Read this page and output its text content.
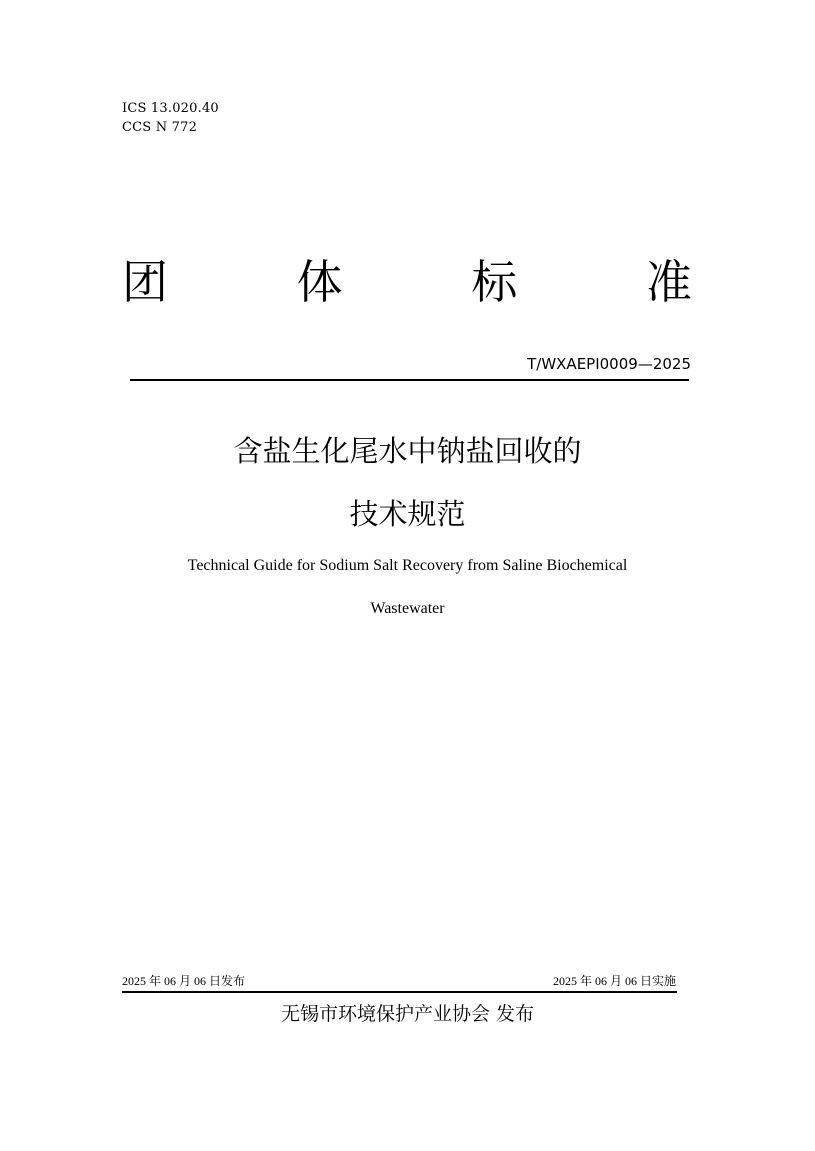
ICS 13.020.40
CCS N 772
团	体	标	准
T/WXAEPI0009—2025
含盐生化尾水中钠盐回收的
技术规范
Technical Guide for Sodium Salt Recovery from Saline Biochemical
Wastewater
2025 年 06 月 06 日发布	2025 年 06 月 06 日实施
无锡市环境保护产业协会 发布
